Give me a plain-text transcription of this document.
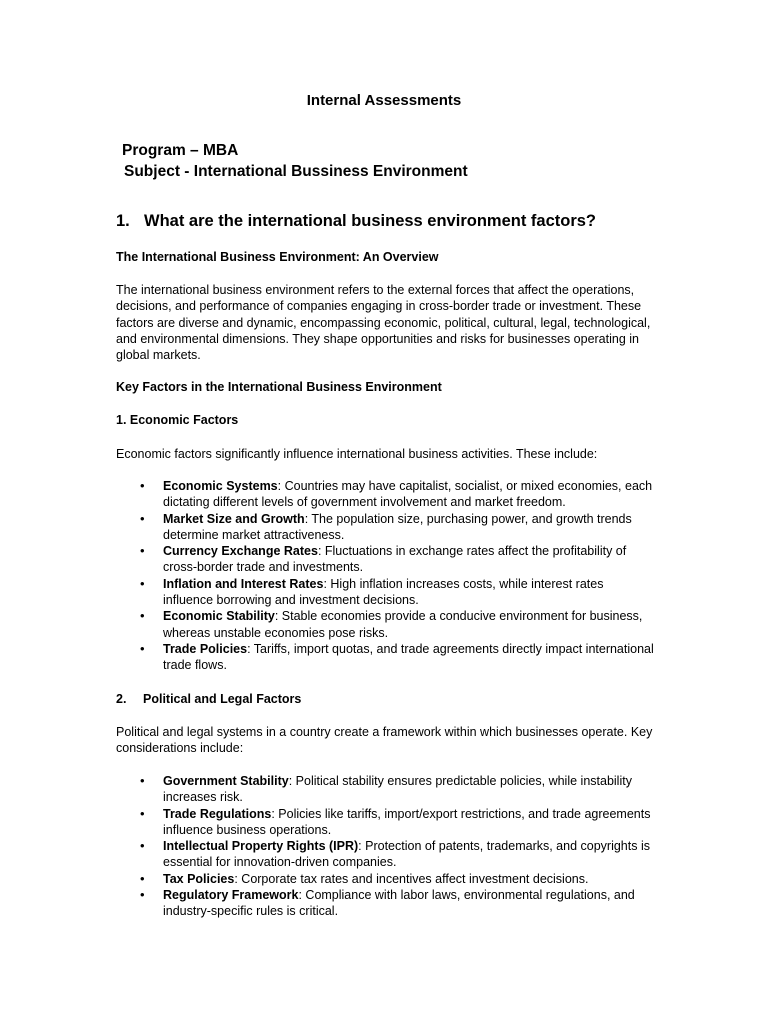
Internal Assessments

Program – MBA

Subject - International Bussiness Environment

1. What are the international business environment factors?

The International Business Environment: An Overview

The international business environment refers to the external forces that affect the operations, decisions, and performance of companies engaging in cross-border trade or investment. These factors are diverse and dynamic, encompassing economic, political, cultural, legal, technological, and environmental dimensions. They shape opportunities and risks for businesses operating in global markets.

Key Factors in the International Business Environment

1. Economic Factors

Economic factors significantly influence international business activities. These include:

• Economic Systems: Countries may have capitalist, socialist, or mixed economies, each dictating different levels of government involvement and market freedom.
• Market Size and Growth: The population size, purchasing power, and growth trends determine market attractiveness.
• Currency Exchange Rates: Fluctuations in exchange rates affect the profitability of cross-border trade and investments.
• Inflation and Interest Rates: High inflation increases costs, while interest rates influence borrowing and investment decisions.
• Economic Stability: Stable economies provide a conducive environment for business, whereas unstable economies pose risks.
• Trade Policies: Tariffs, import quotas, and trade agreements directly impact international trade flows.

2. Political and Legal Factors

Political and legal systems in a country create a framework within which businesses operate. Key considerations include:

• Government Stability: Political stability ensures predictable policies, while instability increases risk.
• Trade Regulations: Policies like tariffs, import/export restrictions, and trade agreements influence business operations.
• Intellectual Property Rights (IPR): Protection of patents, trademarks, and copyrights is essential for innovation-driven companies.
• Tax Policies: Corporate tax rates and incentives affect investment decisions.
• Regulatory Framework: Compliance with labor laws, environmental regulations, and industry-specific rules is critical.
